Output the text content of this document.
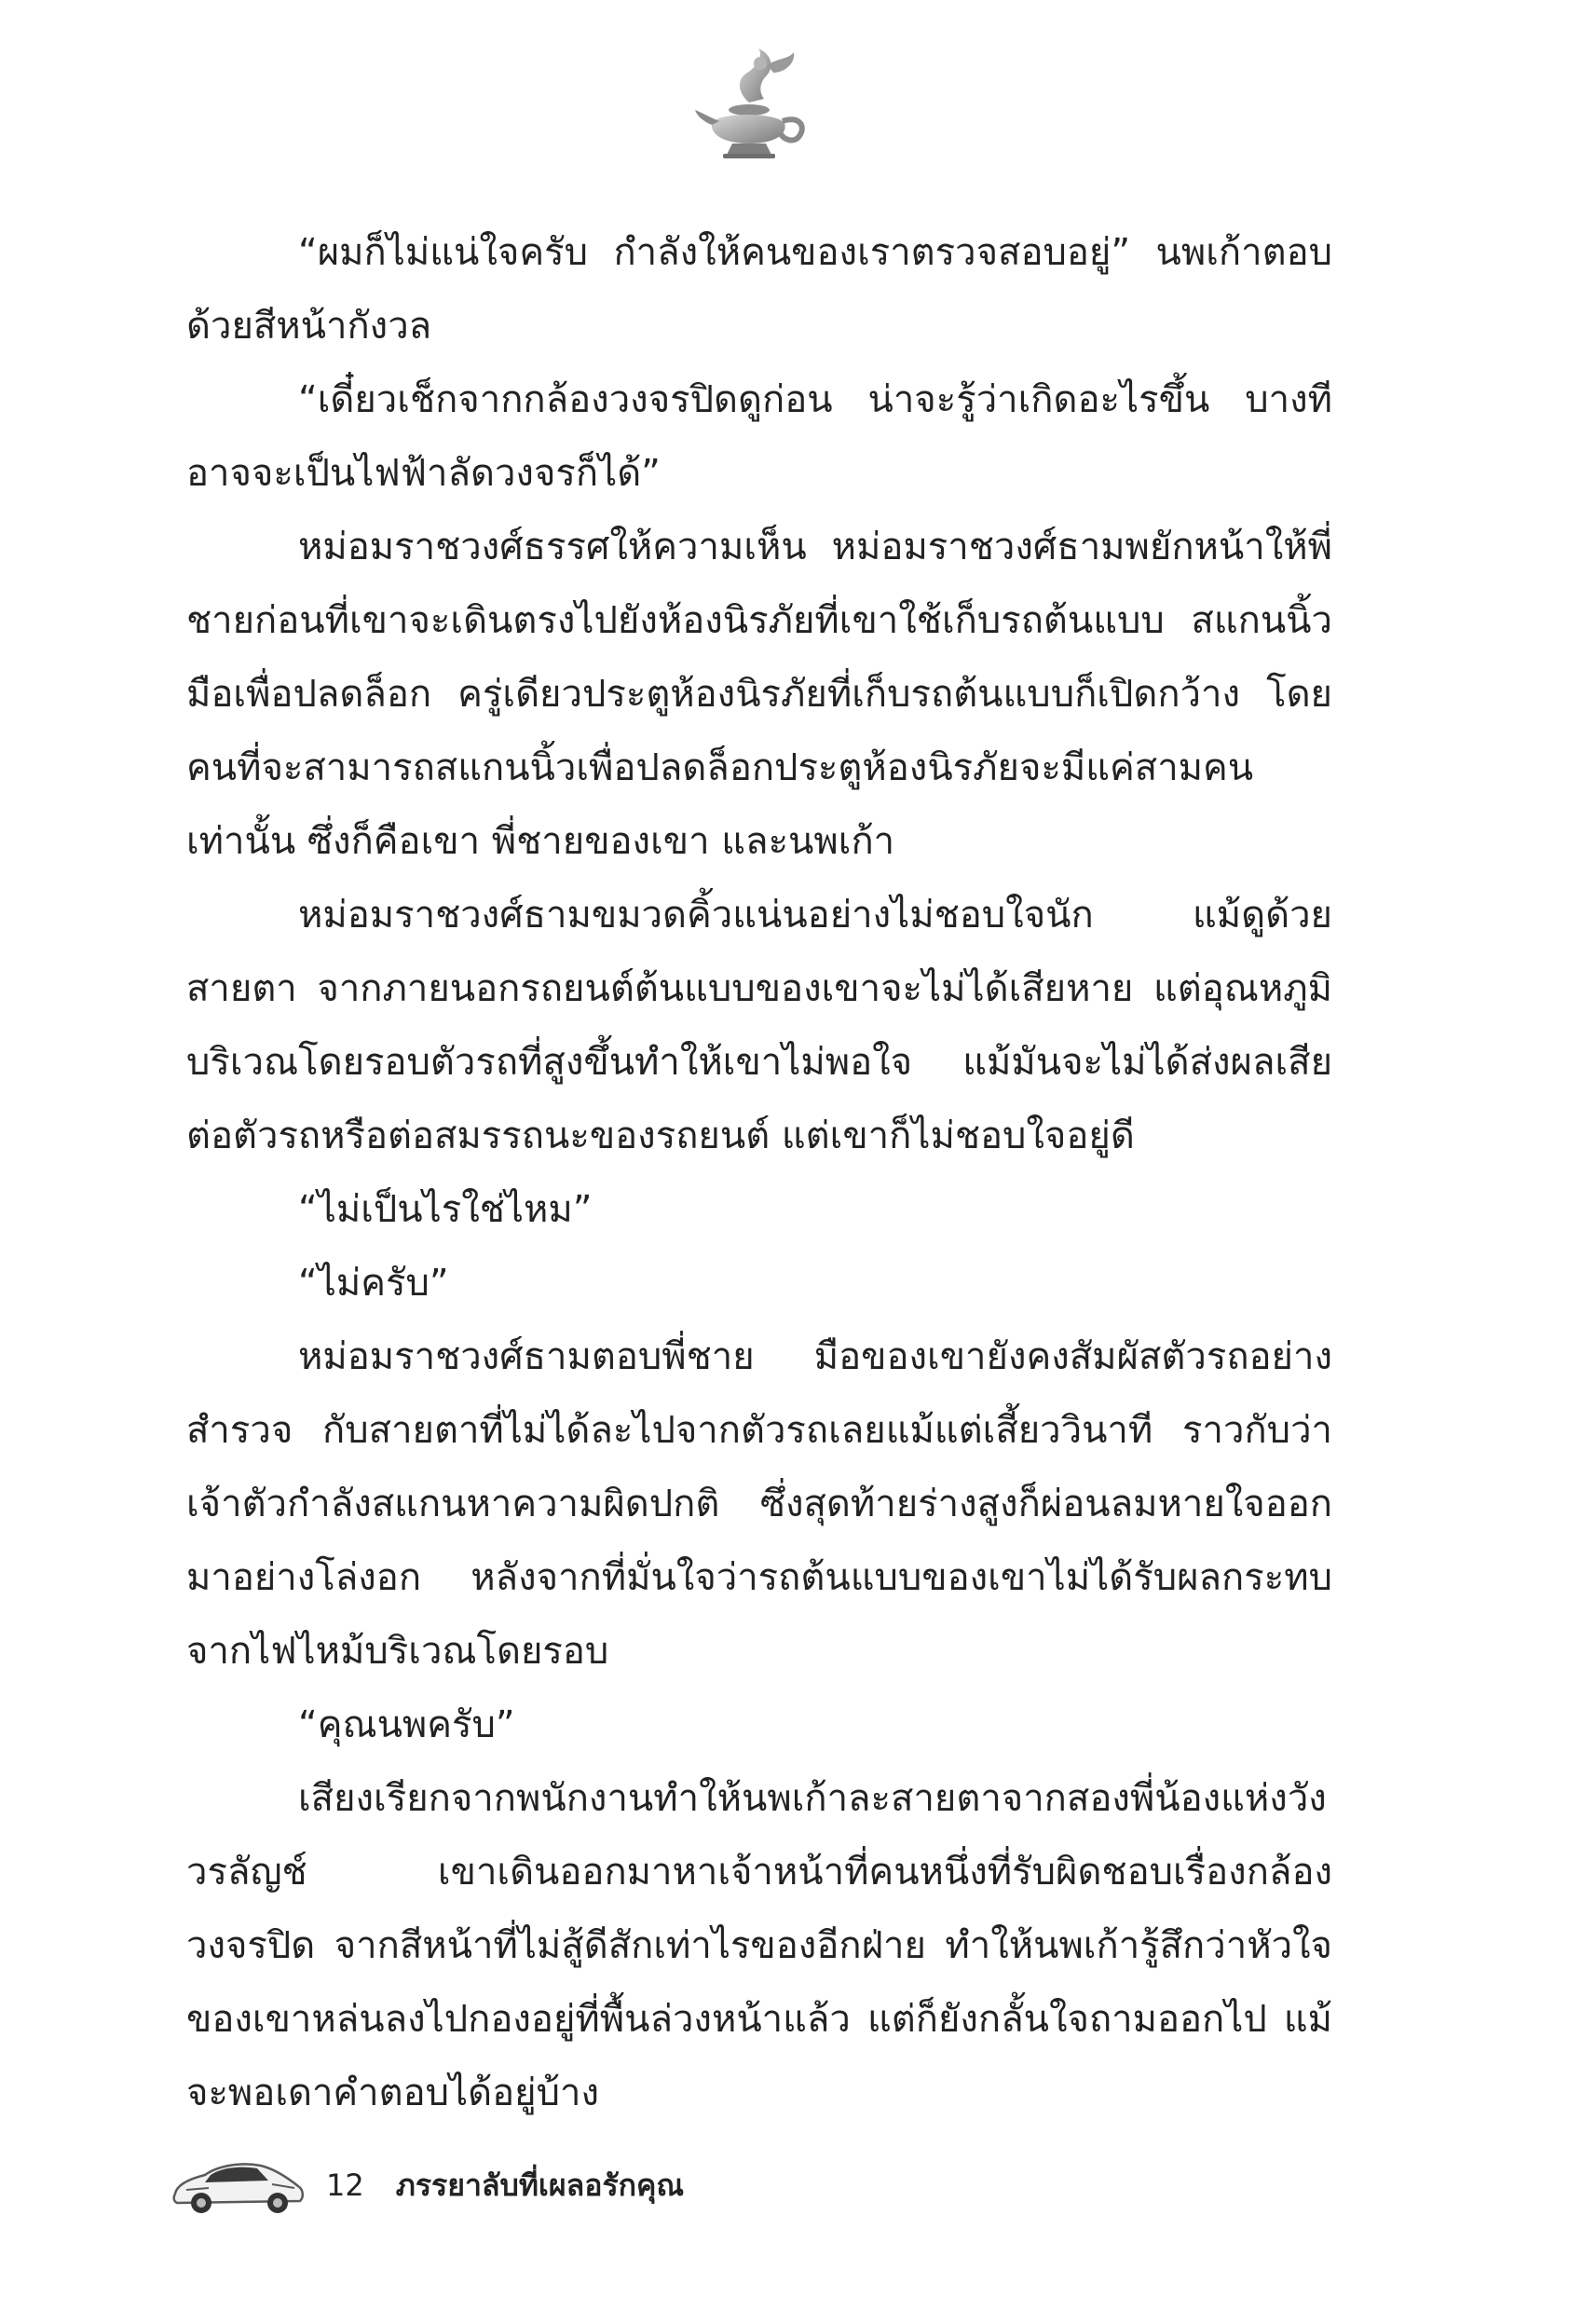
“ผมก็ไม่แน่ใจครับ กำลังให้คนของเราตรวจสอบอยู่” นพเก้าตอบด้วยสีหน้ากังวล

“เดี๋ยวเช็กจากกล้องวงจรปิดดูก่อน น่าจะรู้ว่าเกิดอะไรขึ้น บางทีอาจจะเป็นไฟฟ้าลัดวงจรก็ได้”

หม่อมราชวงศ์ธรรศให้ความเห็น หม่อมราชวงศ์ธามพยักหน้าให้พี่ชายก่อนที่เขาจะเดินตรงไปยังห้องนิรภัยที่เขาใช้เก็บรถต้นแบบ สแกนนิ้วมือเพื่อปลดล็อก ครู่เดียวประตูห้องนิรภัยที่เก็บรถต้นแบบก็เปิดกว้าง โดยคนที่จะสามารถสแกนนิ้วเพื่อปลดล็อกประตูห้องนิรภัยจะมีแค่สามคนเท่านั้น ซึ่งก็คือเขา พี่ชายของเขา และนพเก้า

หม่อมราชวงศ์ธามขมวดคิ้วแน่นอย่างไม่ชอบใจนัก แม้ดูด้วยสายตา จากภายนอกรถยนต์ต้นแบบของเขาจะไม่ได้เสียหาย แต่อุณหภูมิบริเวณโดยรอบตัวรถที่สูงขึ้นทำให้เขาไม่พอใจ แม้มันจะไม่ได้ส่งผลเสียต่อตัวรถหรือต่อสมรรถนะของรถยนต์ แต่เขาก็ไม่ชอบใจอยู่ดี

“ไม่เป็นไรใช่ไหม”

“ไม่ครับ”

หม่อมราชวงศ์ธามตอบพี่ชาย มือของเขายังคงสัมผัสตัวรถอย่างสำรวจ กับสายตาที่ไม่ได้ละไปจากตัวรถเลยแม้แต่เสี้ยววินาที ราวกับว่าเจ้าตัวกำลังสแกนหาความผิดปกติ ซึ่งสุดท้ายร่างสูงก็ผ่อนลมหายใจออกมาอย่างโล่งอก หลังจากที่มั่นใจว่ารถต้นแบบของเขาไม่ได้รับผลกระทบจากไฟไหม้บริเวณโดยรอบ

“คุณนพครับ”

เสียงเรียกจากพนักงานทำให้นพเก้าละสายตาจากสองพี่น้องแห่งวังวรลัญช์ เขาเดินออกมาหาเจ้าหน้าที่คนหนึ่งที่รับผิดชอบเรื่องกล้องวงจรปิด จากสีหน้าที่ไม่สู้ดีสักเท่าไรของอีกฝ่าย ทำให้นพเก้ารู้สึกว่าหัวใจของเขาหล่นลงไปกองอยู่ที่พื้นล่วงหน้าแล้ว แต่ก็ยังกลั้นใจถามออกไป แม้จะพอเดาคำตอบได้อยู่บ้าง

12 ภรรยาลับที่เผลอรักคุณ
